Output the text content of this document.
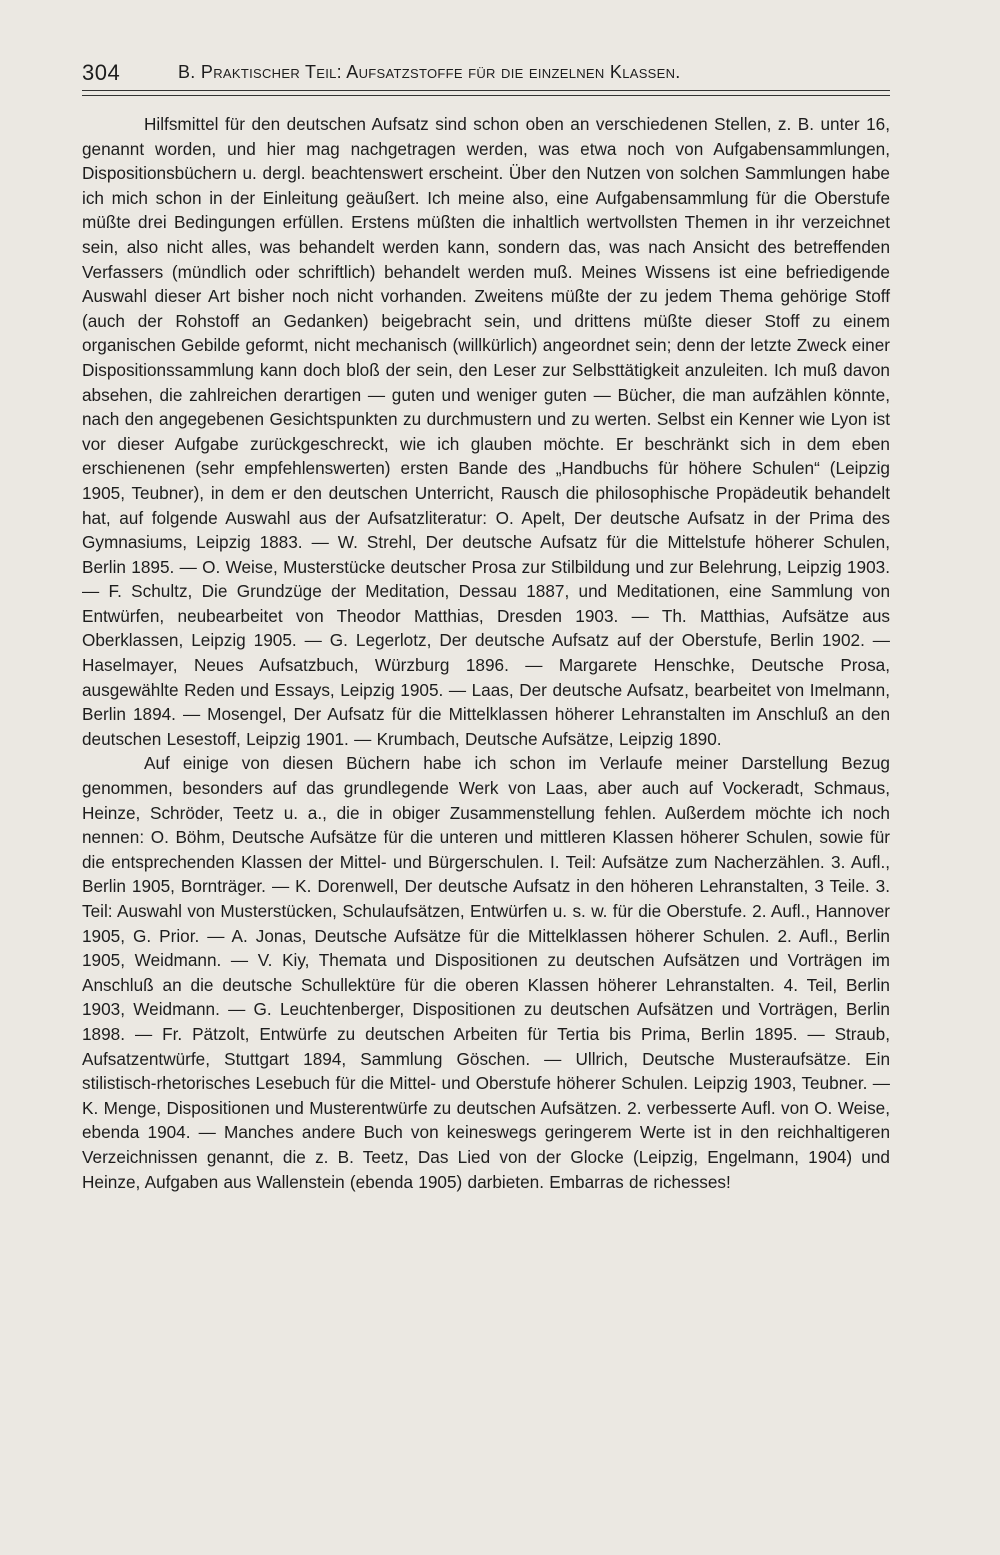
304	B. Praktischer Teil: Aufsatzstoffe für die einzelnen Klassen.

Hilfsmittel für den deutschen Aufsatz sind schon oben an verschiedenen Stellen, z. B. unter 16, genannt worden, und hier mag nachgetragen werden, was etwa noch von Aufgabensammlungen, Dispositionsbüchern u. dergl. beachtenswert erscheint. Über den Nutzen von solchen Sammlungen habe ich mich schon in der Einleitung geäußert. Ich meine also, eine Aufgabensammlung für die Oberstufe müßte drei Bedingungen erfüllen. Erstens müßten die inhaltlich wertvollsten Themen in ihr verzeichnet sein, also nicht alles, was behandelt werden kann, sondern das, was nach Ansicht des betreffenden Verfassers (mündlich oder schriftlich) behandelt werden muß. Meines Wissens ist eine befriedigende Auswahl dieser Art bisher noch nicht vorhanden. Zweitens müßte der zu jedem Thema gehörige Stoff (auch der Rohstoff an Gedanken) beigebracht sein, und drittens müßte dieser Stoff zu einem organischen Gebilde geformt, nicht mechanisch (willkürlich) angeordnet sein; denn der letzte Zweck einer Dispositionssammlung kann doch bloß der sein, den Leser zur Selbsttätigkeit anzuleiten. Ich muß davon absehen, die zahlreichen derartigen — guten und weniger guten — Bücher, die man aufzählen könnte, nach den angegebenen Gesichtspunkten zu durchmustern und zu werten. Selbst ein Kenner wie Lyon ist vor dieser Aufgabe zurückgeschreckt, wie ich glauben möchte. Er beschränkt sich in dem eben erschienenen (sehr empfehlenswerten) ersten Bande des „Handbuchs für höhere Schulen“ (Leipzig 1905, Teubner), in dem er den deutschen Unterricht, Rausch die philosophische Propädeutik behandelt hat, auf folgende Auswahl aus der Aufsatzliteratur: O. Apelt, Der deutsche Aufsatz in der Prima des Gymnasiums, Leipzig 1883. — W. Strehl, Der deutsche Aufsatz für die Mittelstufe höherer Schulen, Berlin 1895. — O. Weise, Musterstücke deutscher Prosa zur Stilbildung und zur Belehrung, Leipzig 1903. — F. Schultz, Die Grundzüge der Meditation, Dessau 1887, und Meditationen, eine Sammlung von Entwürfen, neubearbeitet von Theodor Matthias, Dresden 1903. — Th. Matthias, Aufsätze aus Oberklassen, Leipzig 1905. — G. Legerlotz, Der deutsche Aufsatz auf der Oberstufe, Berlin 1902. — Haselmayer, Neues Aufsatzbuch, Würzburg 1896. — Margarete Henschke, Deutsche Prosa, ausgewählte Reden und Essays, Leipzig 1905. — Laas, Der deutsche Aufsatz, bearbeitet von Imelmann, Berlin 1894. — Mosengel, Der Aufsatz für die Mittelklassen höherer Lehranstalten im Anschluß an den deutschen Lesestoff, Leipzig 1901. — Krumbach, Deutsche Aufsätze, Leipzig 1890.

Auf einige von diesen Büchern habe ich schon im Verlaufe meiner Darstellung Bezug genommen, besonders auf das grundlegende Werk von Laas, aber auch auf Vockeradt, Schmaus, Heinze, Schröder, Teetz u. a., die in obiger Zusammenstellung fehlen. Außerdem möchte ich noch nennen: O. Böhm, Deutsche Aufsätze für die unteren und mittleren Klassen höherer Schulen, sowie für die entsprechenden Klassen der Mittel- und Bürgerschulen. I. Teil: Aufsätze zum Nacherzählen. 3. Aufl., Berlin 1905, Bornträger. — K. Dorenwell, Der deutsche Aufsatz in den höheren Lehranstalten, 3 Teile. 3. Teil: Auswahl von Musterstücken, Schulaufsätzen, Entwürfen u. s. w. für die Oberstufe. 2. Aufl., Hannover 1905, G. Prior. — A. Jonas, Deutsche Aufsätze für die Mittelklassen höherer Schulen. 2. Aufl., Berlin 1905, Weidmann. — V. Kiy, Themata und Dispositionen zu deutschen Aufsätzen und Vorträgen im Anschluß an die deutsche Schullektüre für die oberen Klassen höherer Lehranstalten. 4. Teil, Berlin 1903, Weidmann. — G. Leuchtenberger, Dispositionen zu deutschen Aufsätzen und Vorträgen, Berlin 1898. — Fr. Pätzolt, Entwürfe zu deutschen Arbeiten für Tertia bis Prima, Berlin 1895. — Straub, Aufsatzentwürfe, Stuttgart 1894, Sammlung Göschen. — Ullrich, Deutsche Musteraufsätze. Ein stilistisch-rhetorisches Lesebuch für die Mittel- und Oberstufe höherer Schulen. Leipzig 1903, Teubner. — K. Menge, Dispositionen und Musterentwürfe zu deutschen Aufsätzen. 2. verbesserte Aufl. von O. Weise, ebenda 1904. — Manches andere Buch von keineswegs geringerem Werte ist in den reichhaltigeren Verzeichnissen genannt, die z. B. Teetz, Das Lied von der Glocke (Leipzig, Engelmann, 1904) und Heinze, Aufgaben aus Wallenstein (ebenda 1905) darbieten. Embarras de richesses!
